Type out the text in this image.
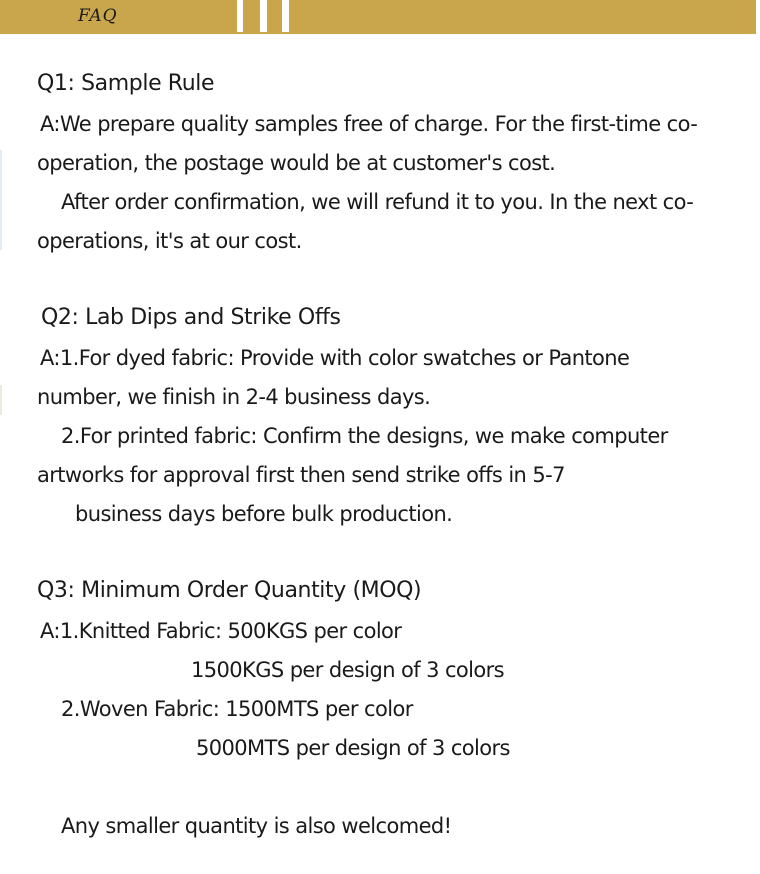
FAQ
Q1: Sample Rule
A:We prepare quality samples free of charge. For the first-time co-
operation, the postage would be at customer's cost.
After order confirmation, we will refund it to you. In the next co-
operations, it's at our cost.
Q2: Lab Dips and Strike Offs
A:1.For dyed fabric: Provide with color swatches or Pantone
number, we finish in 2-4 business days.
2.For printed fabric: Confirm the designs, we make computer
artworks for approval first then send strike offs in 5-7
business days before bulk production.
Q3: Minimum Order Quantity (MOQ)
A:1.Knitted Fabric: 500KGS per color
1500KGS per design of 3 colors
2.Woven Fabric: 1500MTS per color
5000MTS per design of 3 colors
Any smaller quantity is also welcomed!
